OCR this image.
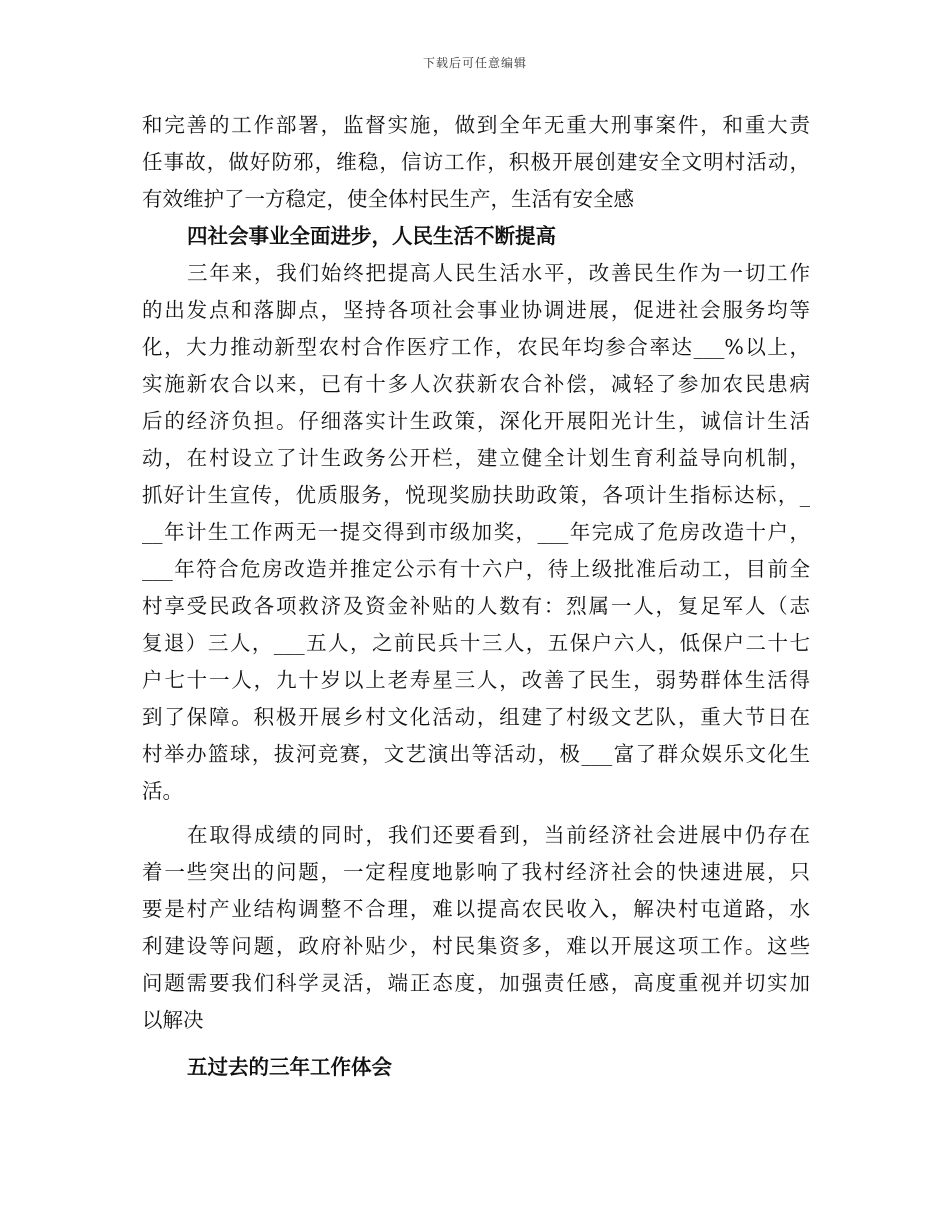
下载后可任意编辑
和完善的工作部署，监督实施，做到全年无重大刑事案件，和重大责
任事故，做好防邪，维稳，信访工作，积极开展创建安全文明村活动，
有效维护了一方稳定，使全体村民生产，生活有安全感
四社会事业全面进步，人民生活不断提高
三年来，我们始终把提高人民生活水平，改善民生作为一切工作
的出发点和落脚点，坚持各项社会事业协调进展，促进社会服务均等
化，大力推动新型农村合作医疗工作，农民年均参合率达___%以上，
实施新农合以来，已有十多人次获新农合补偿，减轻了参加农民患病
后的经济负担。仔细落实计生政策，深化开展阳光计生，诚信计生活
动，在村设立了计生政务公开栏，建立健全计划生育利益导向机制，
抓好计生宣传，优质服务，悦现奖励扶助政策，各项计生指标达标，_
__年计生工作两无一提交得到市级加奖，___年完成了危房改造十户，
___年符合危房改造并推定公示有十六户，待上级批准后动工，目前全
村享受民政各项救济及资金补贴的人数有：烈属一人，复足军人（志
复退）三人，___五人，之前民兵十三人，五保户六人，低保户二十七
户七十一人，九十岁以上老寿星三人，改善了民生，弱势群体生活得
到了保障。积极开展乡村文化活动，组建了村级文艺队，重大节日在
村举办篮球，拔河竞赛，文艺演出等活动，极___富了群众娱乐文化生
活。
在取得成绩的同时，我们还要看到，当前经济社会进展中仍存在
着一些突出的问题，一定程度地影响了我村经济社会的快速进展，只
要是村产业结构调整不合理，难以提高农民收入，解决村屯道路，水
利建设等问题，政府补贴少，村民集资多，难以开展这项工作。这些
问题需要我们科学灵活，端正态度，加强责任感，高度重视并切实加
以解决
五过去的三年工作体会
